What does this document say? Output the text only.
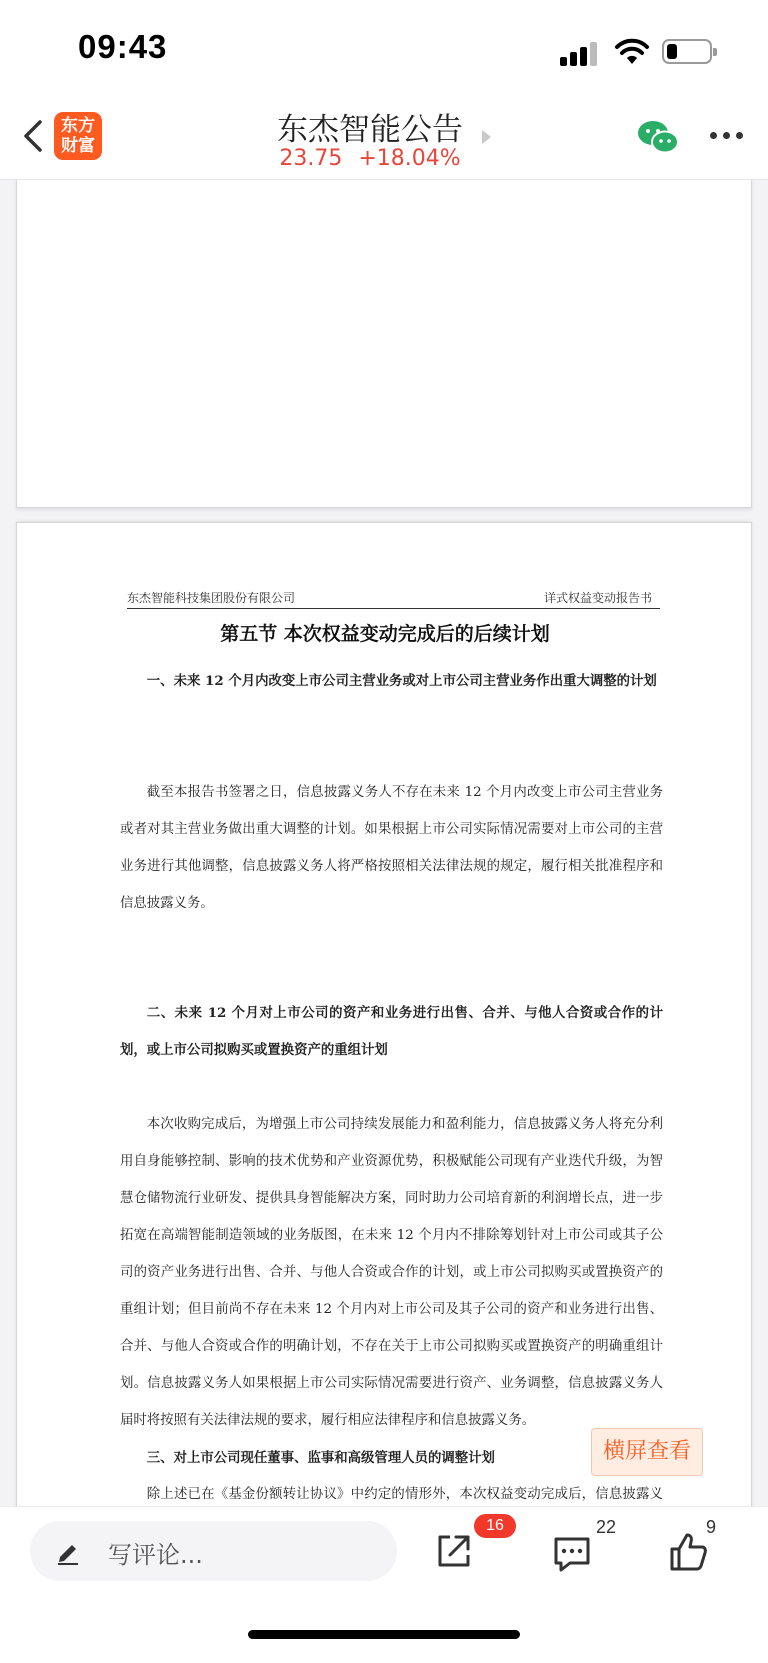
09:43
东方
财富	东杰智能公告
23.75 +18.04%
东杰智能科技集团股份有限公司	详式权益变动报告书
第五节 本次权益变动完成后的后续计划
一、未来 12 个月内改变上市公司主营业务或对上市公司主营业务作出重大调整的计划
截至本报告书签署之日，信息披露义务人不存在未来 12 个月内改变上市公司主营业务或者对其主营业务做出重大调整的计划。如果根据上市公司实际情况需要对上市公司的主营业务进行其他调整，信息披露义务人将严格按照相关法律法规的规定，履行相关批准程序和信息披露义务。
二、未来 12 个月对上市公司的资产和业务进行出售、合并、与他人合资或合作的计划，或上市公司拟购买或置换资产的重组计划
本次收购完成后，为增强上市公司持续发展能力和盈利能力，信息披露义务人将充分利用自身能够控制、影响的技术优势和产业资源优势，积极赋能公司现有产业迭代升级，为智慧仓储物流行业研发、提供具身智能解决方案，同时助力公司培育新的利润增长点，进一步拓宽在高端智能制造领域的业务版图，在未来 12 个月内不排除筹划针对上市公司或其子公司的资产业务进行出售、合并、与他人合资或合作的计划，或上市公司拟购买或置换资产的重组计划；但目前尚不存在未来 12 个月内对上市公司及其子公司的资产和业务进行出售、合并、与他人合资或合作的明确计划，不存在关于上市公司拟购买或置换资产的明确重组计划。信息披露义务人如果根据上市公司实际情况需要进行资产、业务调整，信息披露义务人届时将按照有关法律法规的要求，履行相应法律程序和信息披露义务。
三、对上市公司现任董事、监事和高级管理人员的调整计划
除上述已在《基金份额转让协议》中约定的情形外，本次权益变动完成后，信息披露义
横屏查看
写评论...
16	22	9
